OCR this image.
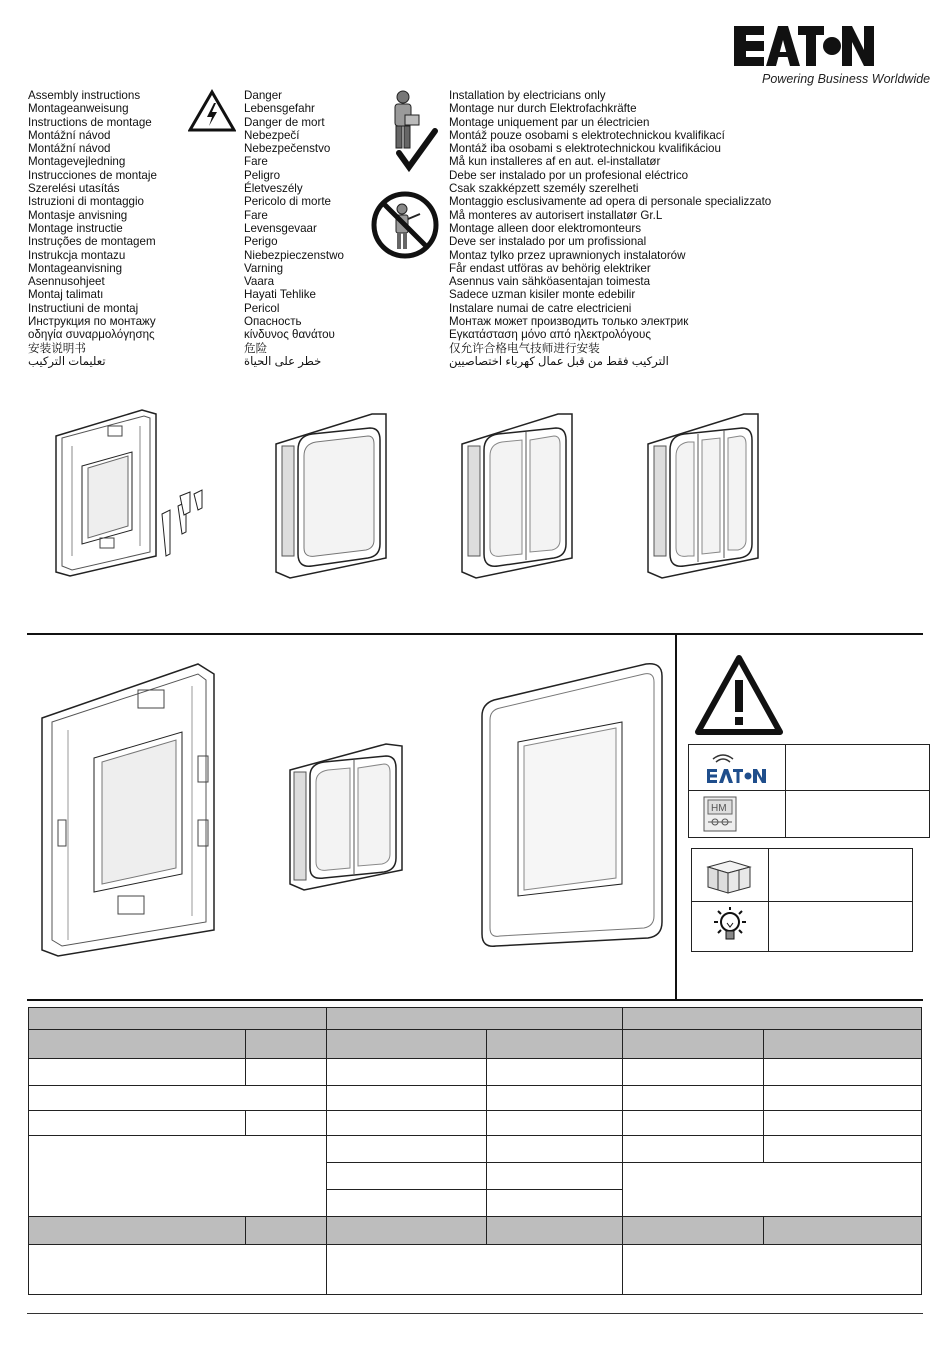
Powering Business Worldwide
Assembly instructions
Montageanweisung
Instructions de montage
Montážní návod
Montážní návod
Montagevejledning
Instrucciones de montaje
Szerelési utasítás
Istruzioni di montaggio
Montasje anvisning
Montage instructie
Instruções de montagem
Instrukcja montazu
Montageanvisning
Asennusohjeet
Montaj talimatı
Instructiuni de montaj
Инструкция по монтажу
οδηγία συναρμολόγησης
安装说明书
تعليمات التركيب
Danger
Lebensgefahr
Danger de mort
Nebezpečí
Nebezpečenstvo
Fare
Peligro
Életveszély
Pericolo di morte
Fare
Levensgevaar
Perigo
Niebezpieczenstwo
Varning
Vaara
Hayati Tehlike
Pericol
Опасность
κίνδυνος θανάτου
危险
خطر على الحياة
Installation by electricians only
Montage nur durch Elektrofachkräfte
Montage uniquement par un électricien
Montáž pouze osobami s elektrotechnickou kvalifikací
Montáž iba osobami s elektrotechnickou kvalifikáciou
Må kun installeres af en aut. el-installatør
Debe ser instalado por un profesional eléctrico
Csak szakképzett személy szerelheti
Montaggio esclusivamente ad opera di personale specializzato
Må monteres av autorisert installatør Gr.L
Montage alleen door elektromonteurs
Deve ser instalado por um profissional
Montaz tylko przez uprawnionych instalatorów
Får endast utföras av behörig elektriker
Asennus vain sähköasentajan toimesta
Sadece uzman kisiler monte edebilir
Instalare numai de catre electricieni
Монтаж может производить только электрик
Εγκατάσταση μόνο από ηλεκτρολόγους
仅允许合格电气技师进行安装
التركيب فقط من قبل عمال كهرباء اختصاصيين
HM
